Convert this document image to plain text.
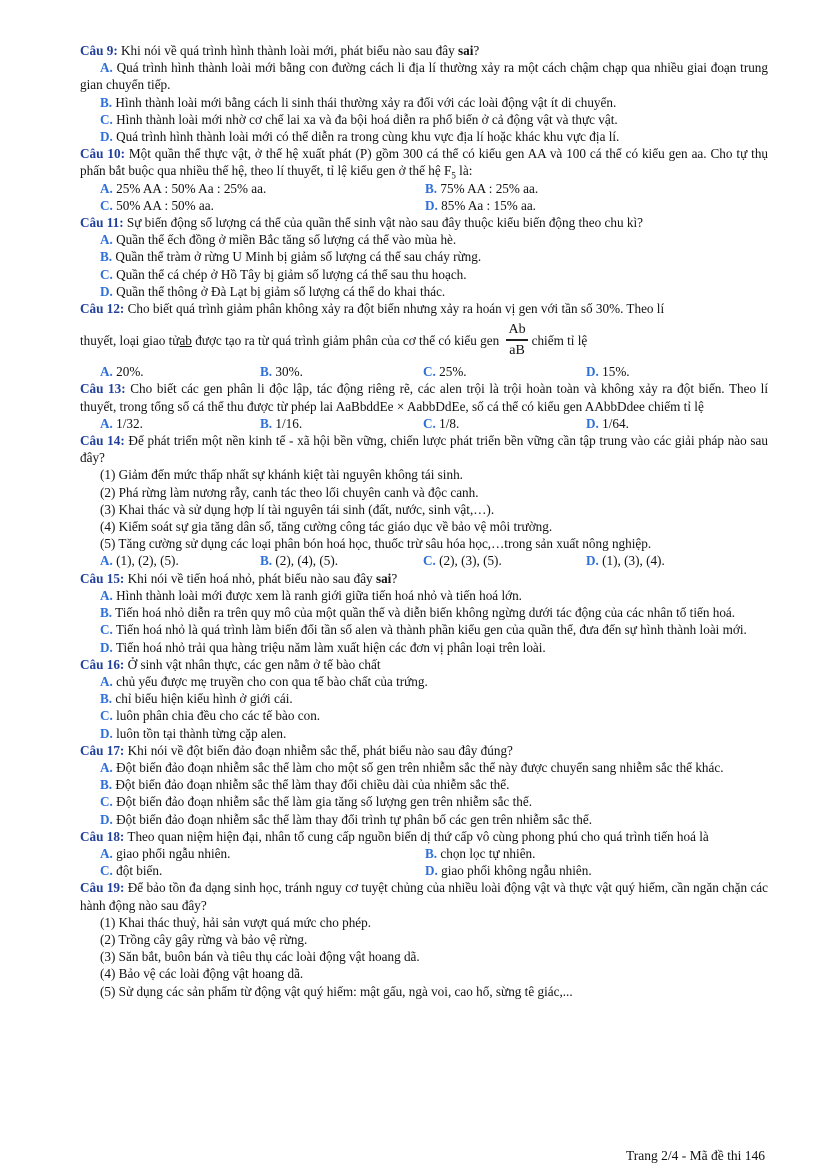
Câu 9: Khi nói về quá trình hình thành loài mới, phát biểu nào sau đây sai?

A. Quá trình hình thành loài mới bằng con đường cách li địa lí thường xảy ra một cách chậm chạp qua nhiều giai đoạn trung gian chuyển tiếp.

B. Hình thành loài mới bằng cách li sinh thái thường xảy ra đối với các loài động vật ít di chuyển.

C. Hình thành loài mới nhờ cơ chế lai xa và đa bội hoá diễn ra phổ biến ở cả động vật và thực vật.

D. Quá trình hình thành loài mới có thể diễn ra trong cùng khu vực địa lí hoặc khác khu vực địa lí.

Câu 10: Một quần thể thực vật, ở thế hệ xuất phát (P) gồm 300 cá thể có kiểu gen AA và 100 cá thể có kiểu gen aa. Cho tự thụ phấn bắt buộc qua nhiều thế hệ, theo lí thuyết, tỉ lệ kiểu gen ở thế hệ $F_5$ là:

A. 25% AA : 50% Aa : 25% aa.	B. 75% AA : 25% aa.
C. 50% AA : 50% aa.	D. 85% Aa : 15% aa.

Câu 11: Sự biến động số lượng cá thể của quần thể sinh vật nào sau đây thuộc kiểu biến động theo chu kì?

A. Quần thể ếch đồng ở miền Bắc tăng số lượng cá thể vào mùa hè.

B. Quần thể tràm ở rừng U Minh bị giảm số lượng cá thể sau cháy rừng.

C. Quần thể cá chép ở Hồ Tây bị giảm số lượng cá thể sau thu hoạch.

D. Quần thể thông ở Đà Lạt bị giảm số lượng cá thể do khai thác.

Câu 12: Cho biết quá trình giảm phân không xảy ra đột biến nhưng xảy ra hoán vị gen với tần số 30%. Theo lí

thuyết, loại giao tử ab được tạo ra từ quá trình giảm phân của cơ thể có kiểu gen $\frac{Ab}{aB}$ chiếm tỉ lệ
A. 20%.	B. 30%.	C. 25%.	D. 15%.

Câu 13: Cho biết các gen phân li độc lập, tác động riêng rẽ, các alen trội là trội hoàn toàn và không xảy ra đột biến. Theo lí thuyết, trong tổng số cá thể thu được từ phép lai AaBbddEe × AabbDdEe, số cá thể có kiểu gen AAbbDdee chiếm tỉ lệ

A. 1/32.	B. 1/16.	C. 1/8.	D. 1/64.

Câu 14: Để phát triển một nền kinh tế - xã hội bền vững, chiến lược phát triển bền vững cần tập trung vào các giải pháp nào sau đây?

(1) Giảm đến mức thấp nhất sự khánh kiệt tài nguyên không tái sinh.

(2) Phá rừng làm nương rẫy, canh tác theo lối chuyên canh và độc canh.

(3) Khai thác và sử dụng hợp lí tài nguyên tái sinh (đất, nước, sinh vật,…).

(4) Kiểm soát sự gia tăng dân số, tăng cường công tác giáo dục về bảo vệ môi trường.

(5) Tăng cường sử dụng các loại phân bón hoá học, thuốc trừ sâu hóa học,…trong sản xuất nông nghiệp.

A. (1), (2), (5).	B. (2), (4), (5).	C. (2), (3), (5).	D. (1), (3), (4).

Câu 15: Khi nói về tiến hoá nhỏ, phát biểu nào sau đây sai?

A. Hình thành loài mới được xem là ranh giới giữa tiến hoá nhỏ và tiến hoá lớn.

B. Tiến hoá nhỏ diễn ra trên quy mô của một quần thể và diễn biến không ngừng dưới tác động của các nhân tố tiến hoá.

C. Tiến hoá nhỏ là quá trình làm biến đổi tần số alen và thành phần kiểu gen của quần thể, đưa đến sự hình thành loài mới.

D. Tiến hoá nhỏ trải qua hàng triệu năm làm xuất hiện các đơn vị phân loại trên loài.

Câu 16: Ở sinh vật nhân thực, các gen nằm ở tế bào chất

A. chủ yếu được mẹ truyền cho con qua tế bào chất của trứng.

B. chỉ biểu hiện kiểu hình ở giới cái.

C. luôn phân chia đều cho các tế bào con.

D. luôn tồn tại thành từng cặp alen.

Câu 17: Khi nói về đột biến đảo đoạn nhiễm sắc thể, phát biểu nào sau đây đúng?

A. Đột biến đảo đoạn nhiễm sắc thể làm cho một số gen trên nhiễm sắc thể này được chuyển sang nhiễm sắc thể khác.

B. Đột biến đảo đoạn nhiễm sắc thể làm thay đổi chiều dài của nhiễm sắc thể.

C. Đột biến đảo đoạn nhiễm sắc thể làm gia tăng số lượng gen trên nhiễm sắc thể.

D. Đột biến đảo đoạn nhiễm sắc thể làm thay đổi trình tự phân bố các gen trên nhiễm sắc thể.

Câu 18: Theo quan niệm hiện đại, nhân tố cung cấp nguồn biến dị thứ cấp vô cùng phong phú cho quá trình tiến hoá là

A. giao phối ngẫu nhiên.	B. chọn lọc tự nhiên.
C. đột biến.	D. giao phối không ngẫu nhiên.

Câu 19: Để bảo tồn đa dạng sinh học, tránh nguy cơ tuyệt chủng của nhiều loài động vật và thực vật quý hiếm, cần ngăn chặn các hành động nào sau đây?

(1) Khai thác thuỷ, hải sản vượt quá mức cho phép.

(2) Trồng cây gây rừng và bảo vệ rừng.

(3) Săn bắt, buôn bán và tiêu thụ các loài động vật hoang dã.

(4) Bảo vệ các loài động vật hoang dã.

(5) Sử dụng các sản phẩm từ động vật quý hiếm: mật gấu, ngà voi, cao hổ, sừng tê giác,...

Trang 2/4 - Mã đề thi 146
